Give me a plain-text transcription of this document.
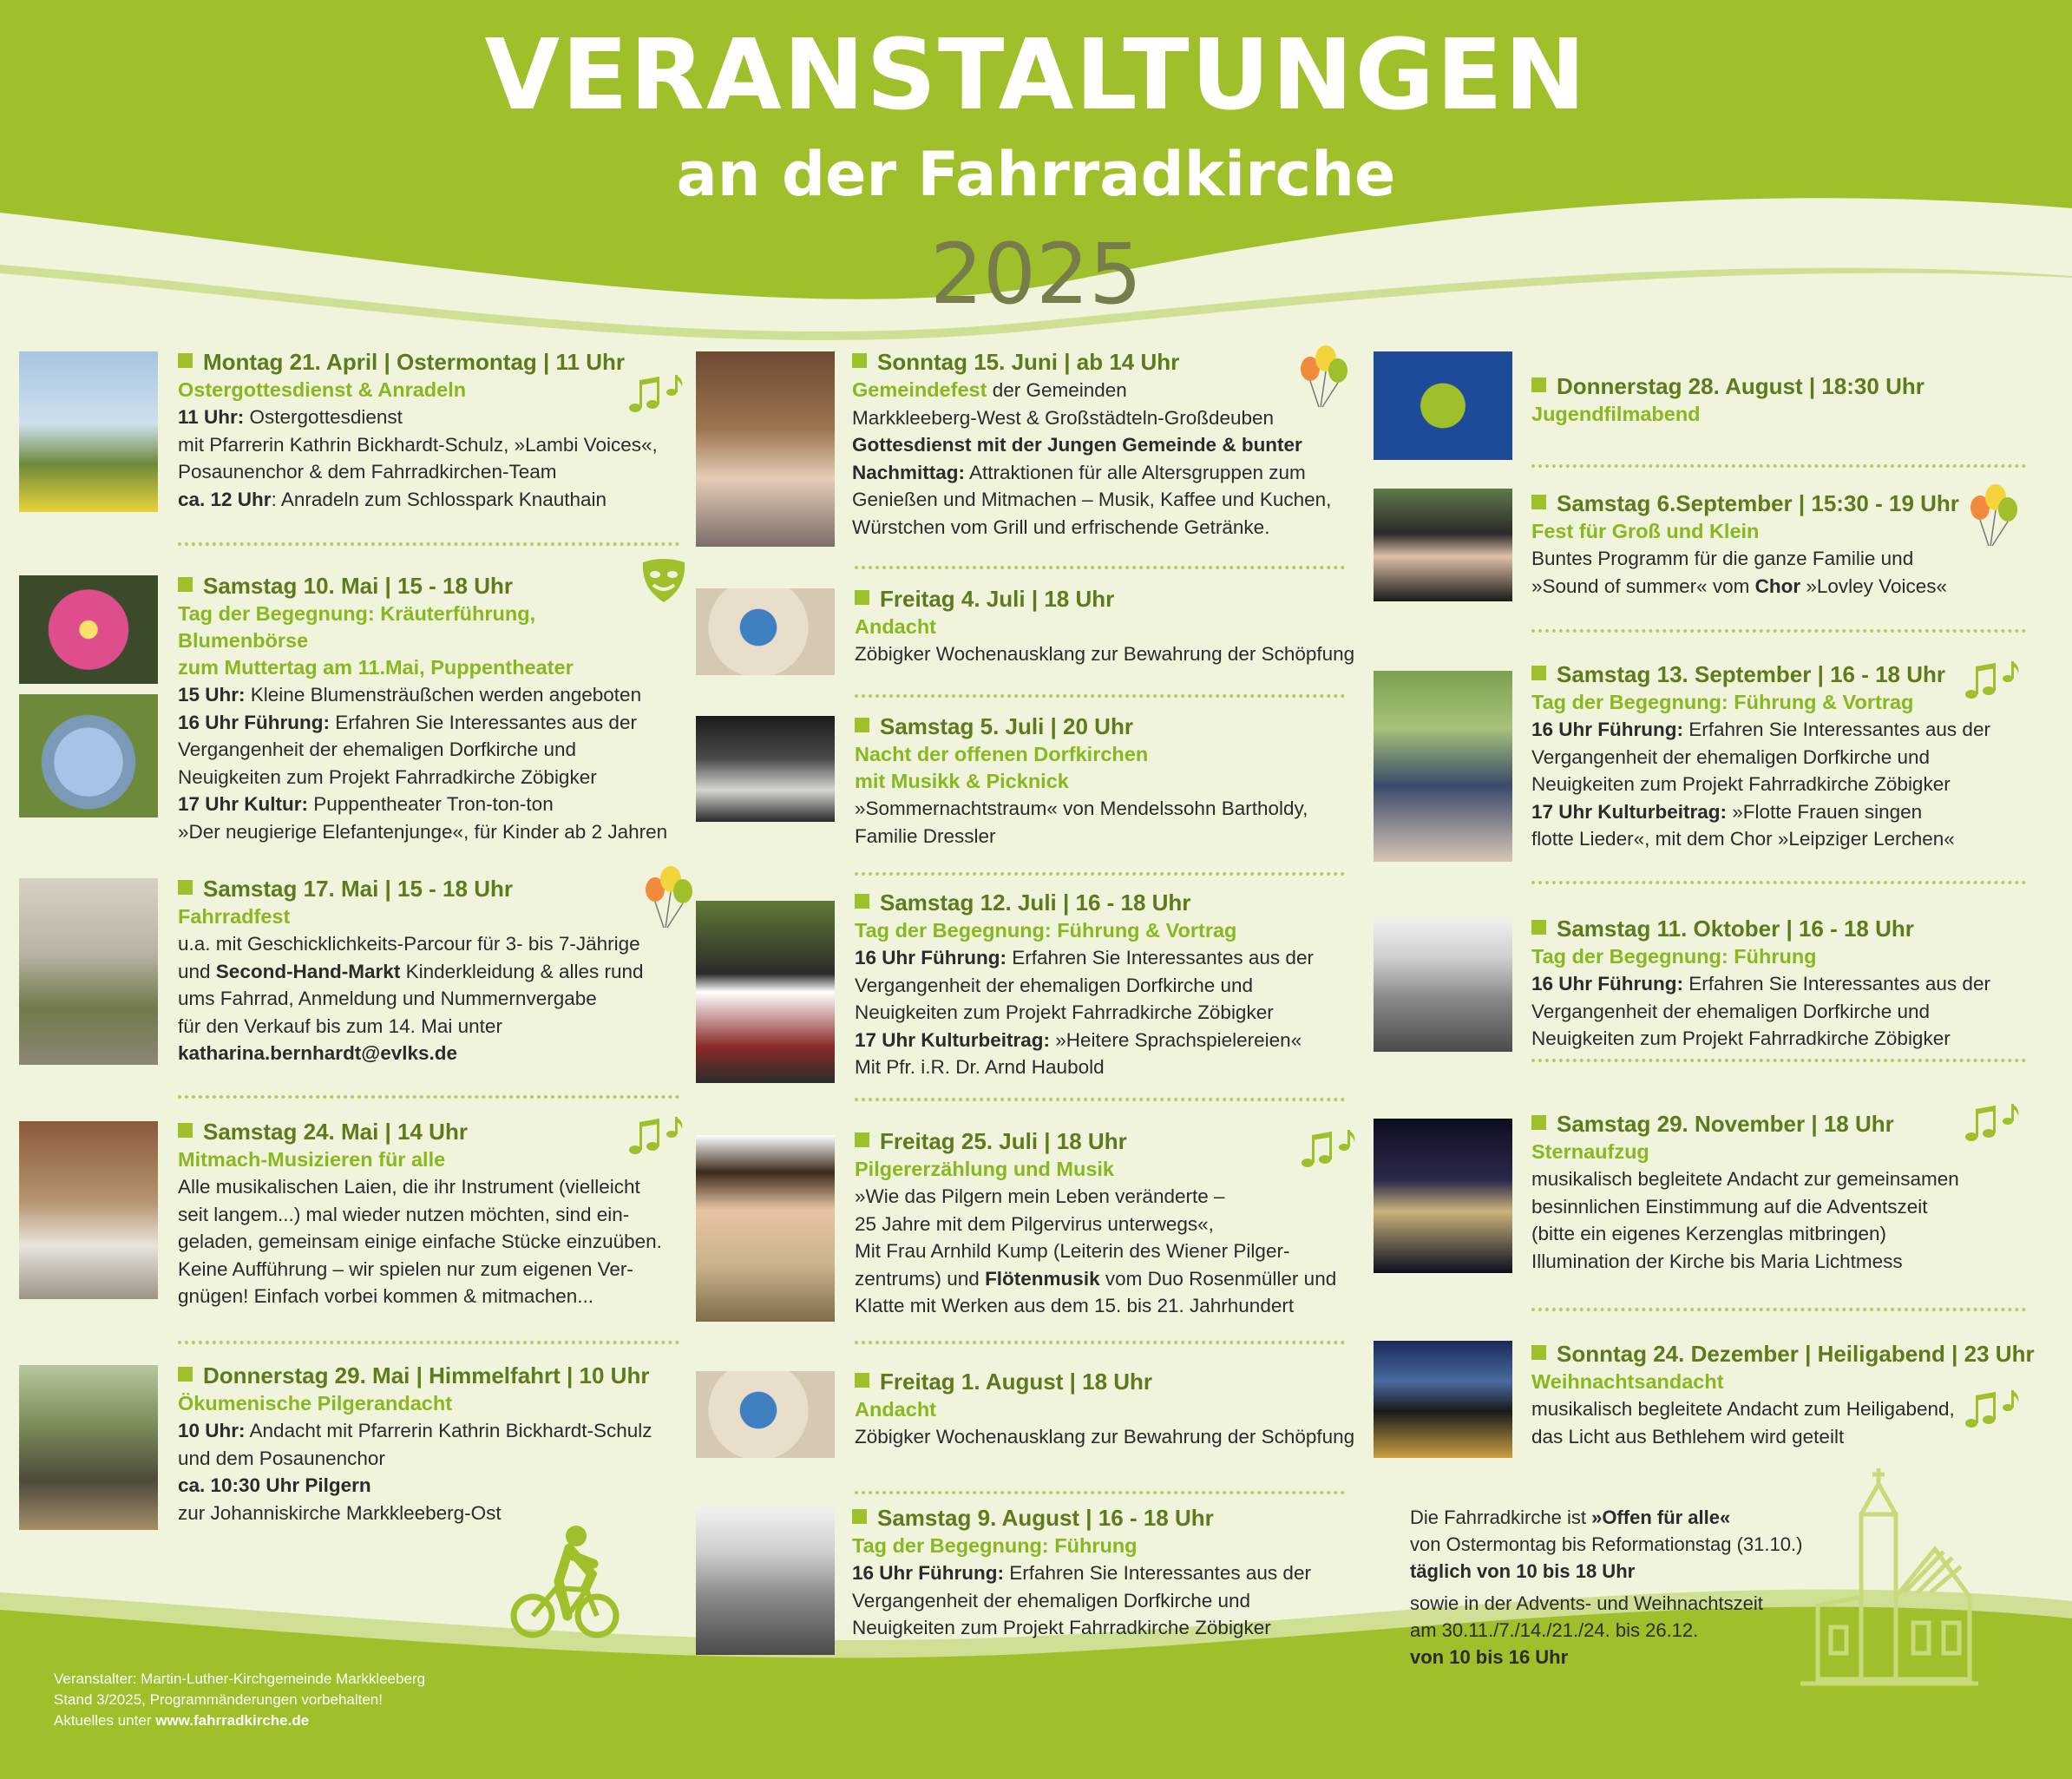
VERANSTALTUNGEN
an der Fahrradkirche
2025
Montag 21. April | Ostermontag | 11 Uhr
Ostergottesdienst & Anradeln
11 Uhr: Ostergottesdienst
mit Pfarrerin Kathrin Bickhardt-Schulz, »Lambi Voices«,
Posaunenchor & dem Fahrradkirchen-Team
ca. 12 Uhr: Anradeln zum Schlosspark Knauthain
Samstag 10. Mai | 15 - 18 Uhr
Tag der Begegnung: Kräuterführung, Blumenbörse
zum Muttertag am 11.Mai, Puppentheater
15 Uhr: Kleine Blumensträußchen werden angeboten
16 Uhr Führung: Erfahren Sie Interessantes aus der
Vergangenheit der ehemaligen Dorfkirche und
Neuigkeiten zum Projekt Fahrradkirche Zöbigker
17 Uhr Kultur: Puppentheater Tron-ton-ton
»Der neugierige Elefantenjunge«, für Kinder ab 2 Jahren
Samstag 17. Mai | 15 - 18 Uhr
Fahrradfest
u.a. mit Geschicklichkeits-Parcour für 3- bis 7-Jährige
und Second-Hand-Markt Kinderkleidung & alles rund
ums Fahrrad, Anmeldung und Nummernvergabe
für den Verkauf bis zum 14. Mai unter
katharina.bernhardt@evlks.de
Samstag 24. Mai | 14 Uhr
Mitmach-Musizieren für alle
Alle musikalischen Laien, die ihr Instrument (vielleicht
seit langem...) mal wieder nutzen möchten, sind ein-
geladen, gemeinsam einige einfache Stücke einzuüben.
Keine Aufführung – wir spielen nur zum eigenen Ver-
gnügen! Einfach vorbei kommen & mitmachen...
Donnerstag 29. Mai | Himmelfahrt | 10 Uhr
Ökumenische Pilgerandacht
10 Uhr: Andacht mit Pfarrerin Kathrin Bickhardt-Schulz
und dem Posaunenchor
ca. 10:30 Uhr Pilgern
zur Johanniskirche Markkleeberg-Ost
Sonntag 15. Juni | ab 14 Uhr
Gemeindefest der Gemeinden
Markkleeberg-West & Großstädteln-Großdeuben
Gottesdienst mit der Jungen Gemeinde & bunter
Nachmittag: Attraktionen für alle Altersgruppen zum
Genießen und Mitmachen – Musik, Kaffee und Kuchen,
Würstchen vom Grill und erfrischende Getränke.
Freitag 4. Juli | 18 Uhr
Andacht
Zöbigker Wochenausklang zur Bewahrung der Schöpfung
Samstag 5. Juli | 20 Uhr
Nacht der offenen Dorfkirchen
mit Musikk & Picknick
»Sommernachtstraum« von Mendelssohn Bartholdy,
Familie Dressler
Samstag 12. Juli | 16 - 18 Uhr
Tag der Begegnung: Führung & Vortrag
16 Uhr Führung: Erfahren Sie Interessantes aus der
Vergangenheit der ehemaligen Dorfkirche und
Neuigkeiten zum Projekt Fahrradkirche Zöbigker
17 Uhr Kulturbeitrag: »Heitere Sprachspielereien«
Mit Pfr. i.R. Dr. Arnd Haubold
Freitag 25. Juli | 18 Uhr
Pilgererzählung und Musik
»Wie das Pilgern mein Leben veränderte –
25 Jahre mit dem Pilgervirus unterwegs«,
Mit Frau Arnhild Kump (Leiterin des Wiener Pilger-
zentrums) und Flötenmusik vom Duo Rosenmüller und
Klatte mit Werken aus dem 15. bis 21. Jahrhundert
Freitag 1. August | 18 Uhr
Andacht
Zöbigker Wochenausklang zur Bewahrung der Schöpfung
Samstag 9. August | 16 - 18 Uhr
Tag der Begegnung: Führung
16 Uhr Führung: Erfahren Sie Interessantes aus der
Vergangenheit der ehemaligen Dorfkirche und
Neuigkeiten zum Projekt Fahrradkirche Zöbigker
Donnerstag 28. August | 18:30 Uhr
Jugendfilmabend
Samstag 6.September | 15:30 - 19 Uhr
Fest für Groß und Klein
Buntes Programm für die ganze Familie und
»Sound of summer« vom Chor »Lovley Voices«
Samstag 13. September | 16 - 18 Uhr
Tag der Begegnung: Führung & Vortrag
16 Uhr Führung: Erfahren Sie Interessantes aus der
Vergangenheit der ehemaligen Dorfkirche und
Neuigkeiten zum Projekt Fahrradkirche Zöbigker
17 Uhr Kulturbeitrag: »Flotte Frauen singen
flotte Lieder«, mit dem Chor »Leipziger Lerchen«
Samstag 11. Oktober | 16 - 18 Uhr
Tag der Begegnung: Führung
16 Uhr Führung: Erfahren Sie Interessantes aus der
Vergangenheit der ehemaligen Dorfkirche und
Neuigkeiten zum Projekt Fahrradkirche Zöbigker
Samstag 29. November | 18 Uhr
Sternaufzug
musikalisch begleitete Andacht zur gemeinsamen
besinnlichen Einstimmung auf die Adventszeit
(bitte ein eigenes Kerzenglas mitbringen)
Illumination der Kirche bis Maria Lichtmess
Sonntag 24. Dezember | Heiligabend | 23 Uhr
Weihnachtsandacht
musikalisch begleitete Andacht zum Heiligabend,
das Licht aus Bethlehem wird geteilt
Die Fahrradkirche ist »Offen für alle«
von Ostermontag bis Reformationstag (31.10.)
täglich von 10 bis 18 Uhr
sowie in der Advents- und Weihnachtszeit
am 30.11./7./14./21./24. bis 26.12.
von 10 bis 16 Uhr
Veranstalter: Martin-Luther-Kirchgemeinde Markkleeberg
Stand 3/2025, Programmänderungen vorbehalten!
Aktuelles unter www.fahrradkirche.de
